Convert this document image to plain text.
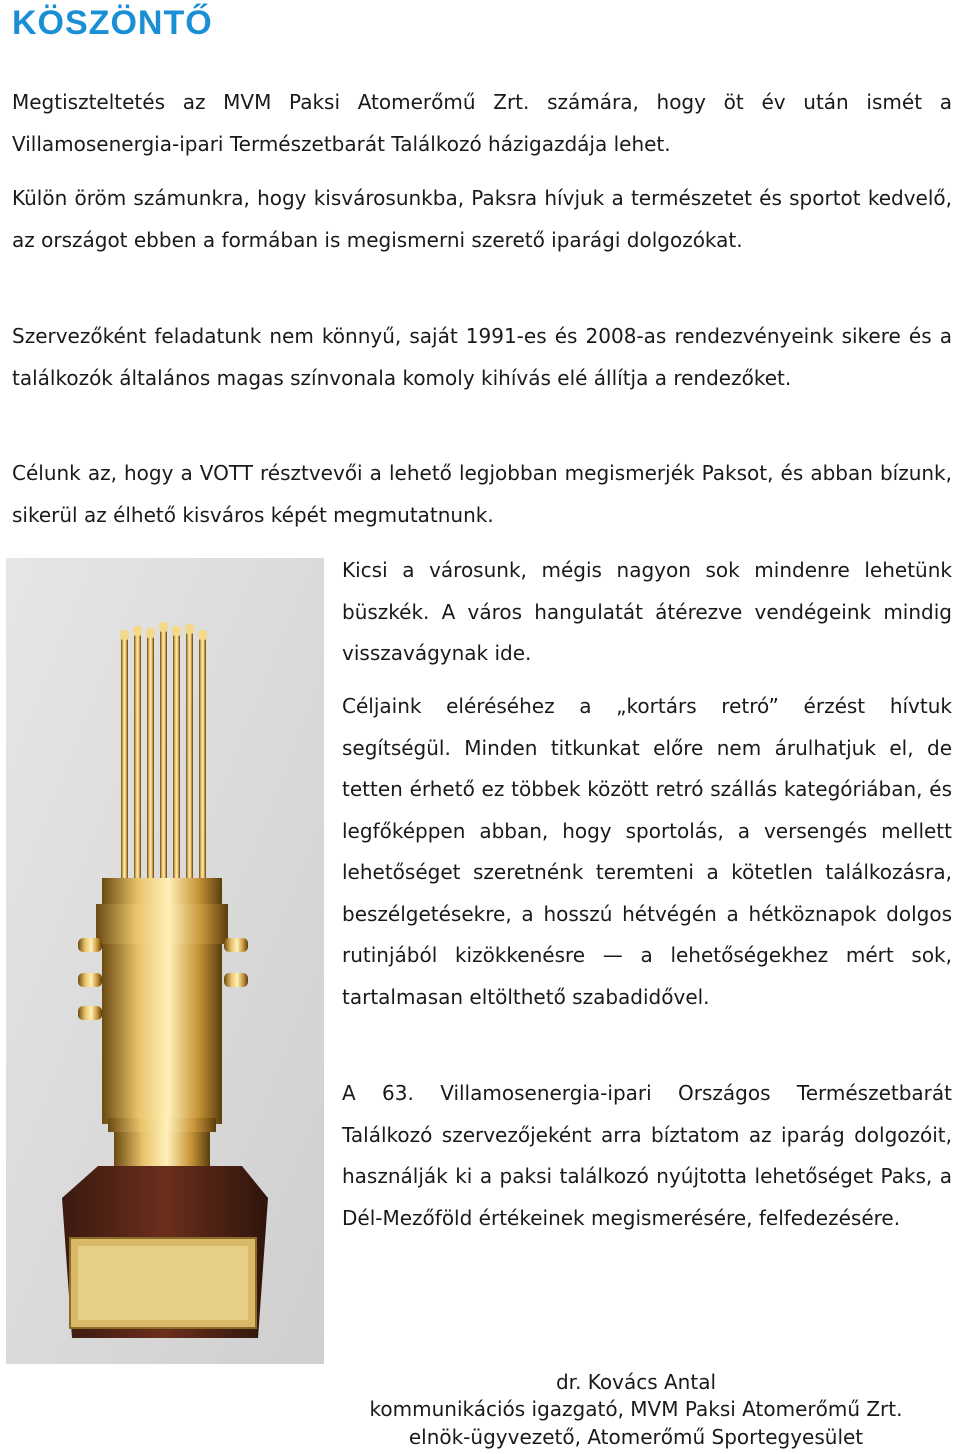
KÖSZÖNTŐ

Megtiszteltetés az MVM Paksi Atomerőmű Zrt. számára, hogy öt év után ismét a Villamosenergia-ipari Természetbarát Találkozó házigazdája lehet.

Külön öröm számunkra, hogy kisvárosunkba, Paksra hívjuk a természetet és sportot kedvelő, az országot ebben a formában is megismerni szerető iparági dolgozókat.

Szervezőként feladatunk nem könnyű, saját 1991-es és 2008-as rendezvényeink sikere és a találkozók általános magas színvonala komoly kihívás elé állítja a rendezőket.

Célunk az, hogy a VOTT résztvevői a lehető legjobban megismerjék Paksot, és abban bízunk, sikerül az élhető kisváros képét megmutatnunk.

Kicsi a városunk, mégis nagyon sok mindenre lehetünk büszkék. A város hangulatát átérezve vendégeink mindig visszavágynak ide.

Céljaink eléréséhez a „kortárs retró” érzést hívtuk segítségül. Minden titkunkat előre nem árulhatjuk el, de tetten érhető ez többek között retró szállás kategóriában, és legfőképpen abban, hogy sportolás, a versengés mellett lehetőséget szeretnénk teremteni a kötetlen találkozásra, beszélgetésekre, a hosszú hétvégén a hétköznapok dolgos rutinjából kizökkenésre — a lehetőségekhez mért sok, tartalmasan eltölthető szabadidővel.

A 63. Villamosenergia-ipari Országos Természetbarát Találkozó szervezőjeként arra bíztatom az iparág dolgozóit, használják ki a paksi találkozó nyújtotta lehetőséget Paks, a Dél-Mezőföld értékeinek megismerésére, felfedezésére.

dr. Kovács Antal

kommunikációs igazgató, MVM Paksi Atomerőmű Zrt.

elnök-ügyvezető, Atomerőmű Sportegyesület
